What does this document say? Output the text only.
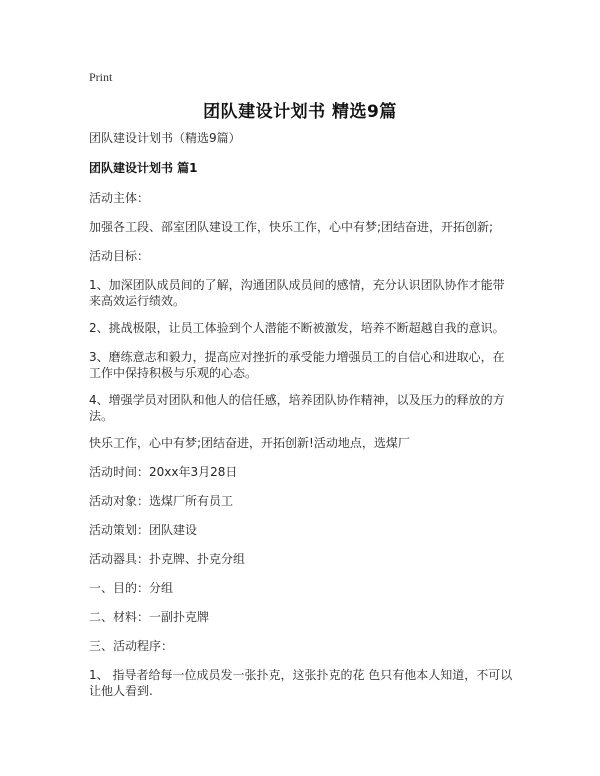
Print
团队建设计划书 精选9篇

团队建设计划书（精选9篇）

团队建设计划书 篇1

活动主体：

加强各工段、部室团队建设工作，快乐工作，心中有梦;团结奋进，开拓创新;

活动目标：

1、加深团队成员间的了解，沟通团队成员间的感情，充分认识团队协作才能带来高效运行绩效。

2、挑战极限，让员工体验到个人潜能不断被激发，培养不断超越自我的意识。

3、磨练意志和毅力，提高应对挫折的承受能力增强员工的自信心和进取心，在工作中保持积极与乐观的心态。

4、增强学员对团队和他人的信任感，培养团队协作精神，以及压力的释放的方法。

快乐工作，心中有梦;团结奋进，开拓创新!活动地点，选煤厂

活动时间：20xx年3月28日

活动对象：选煤厂所有员工

活动策划：团队建设

活动器具：扑克牌、扑克分组

一、目的：分组

二、材料：一副扑克牌

三、活动程序：

1、 指导者给每一位成员发一张扑克，这张扑克的花 色只有他本人知道，不可以让他人看到.
